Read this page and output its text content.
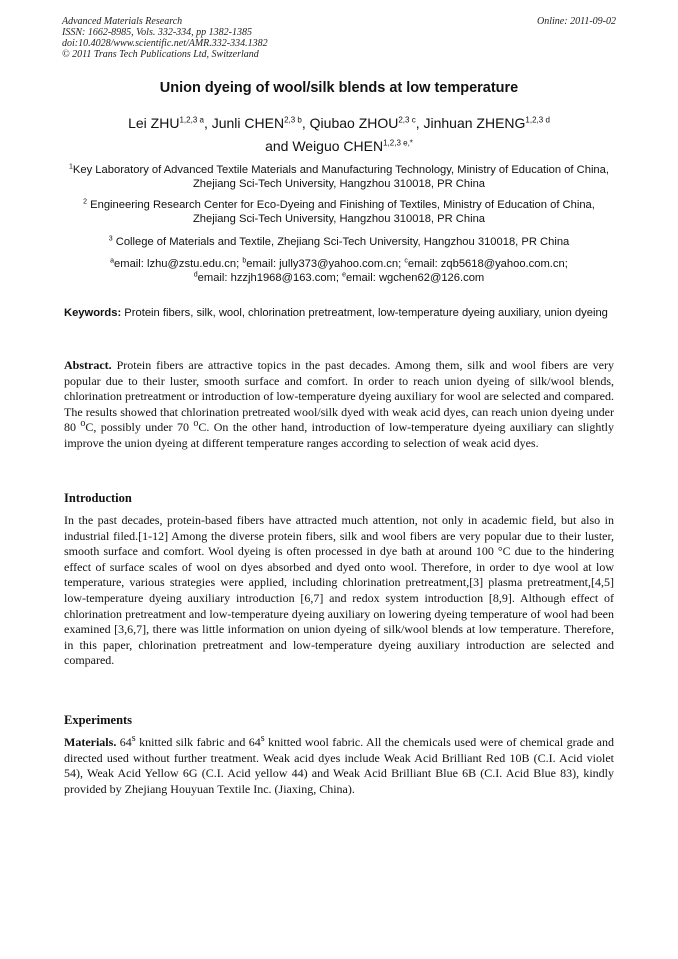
Advanced Materials Research
ISSN: 1662-8985, Vols. 332-334, pp 1382-1385
doi:10.4028/www.scientific.net/AMR.332-334.1382
© 2011 Trans Tech Publications Ltd, Switzerland
Online: 2011-09-02
Union dyeing of wool/silk blends at low temperature
Lei $ZHU^{1,2,3 a}$, Junli $CHEN^{2,3 b}$, Qiubao $ZHOU^{2,3 c}$, Jinhuan $ZHENG^{1,2,3 d}$
and Weiguo $CHEN^{1,2,3 e,*}$
$^1$Key Laboratory of Advanced Textile Materials and Manufacturing Technology, Ministry of Education of China, Zhejiang Sci-Tech University, Hangzhou 310018, PR China
$^2$ Engineering Research Center for Eco-Dyeing and Finishing of Textiles, Ministry of Education of China, Zhejiang Sci-Tech University, Hangzhou 310018, PR China
$^3$ College of Materials and Textile, Zhejiang Sci-Tech University, Hangzhou 310018, PR China
$^a$email: lzhu@zstu.edu.cn; $^b$email: jully373@yahoo.com.cn; $^c$email: zqb5618@yahoo.com.cn;
$^d$email: hzzjh1968@163.com; $^e$email: wgchen62@126.com
Keywords: Protein fibers, silk, wool, chlorination pretreatment, low-temperature dyeing auxiliary, union dyeing
Abstract. Protein fibers are attractive topics in the past decades. Among them, silk and wool fibers are very popular due to their luster, smooth surface and comfort. In order to reach union dyeing of silk/wool blends, chlorination pretreatment or introduction of low-temperature dyeing auxiliary for wool are selected and compared. The results showed that chlorination pretreated wool/silk dyed with weak acid dyes, can reach union dyeing under 80 $^o$C, possibly under 70 $^o$C. On the other hand, introduction of low-temperature dyeing auxiliary can slightly improve the union dyeing at different temperature ranges according to selection of weak acid dyes.
Introduction
In the past decades, protein-based fibers have attracted much attention, not only in academic field, but also in industrial filed.[1-12] Among the diverse protein fibers, silk and wool fibers are very popular due to their luster, smooth surface and comfort. Wool dyeing is often processed in dye bath at around 100 °C due to the hindering effect of surface scales of wool on dyes absorbed and dyed onto wool. Therefore, in order to dye wool at low temperature, various strategies were applied, including chlorination pretreatment,[3] plasma pretreatment,[4,5] low-temperature dyeing auxiliary introduction [6,7] and redox system introduction [8,9]. Although effect of chlorination pretreatment and low-temperature dyeing auxiliary on lowering dyeing temperature of wool had been examined [3,6,7], there was little information on union dyeing of silk/wool blends at low temperature. Therefore, in this paper, chlorination pretreatment and low-temperature dyeing auxiliary introduction are selected and compared.
Experiments
Materials. 64$^s$ knitted silk fabric and 64$^s$ knitted wool fabric. All the chemicals used were of chemical grade and directed used without further treatment. Weak acid dyes include Weak Acid Brilliant Red 10B (C.I. Acid violet 54), Weak Acid Yellow 6G (C.I. Acid yellow 44) and Weak Acid Brilliant Blue 6B (C.I. Acid Blue 83), kindly provided by Zhejiang Houyuan Textile Inc. (Jiaxing, China).
